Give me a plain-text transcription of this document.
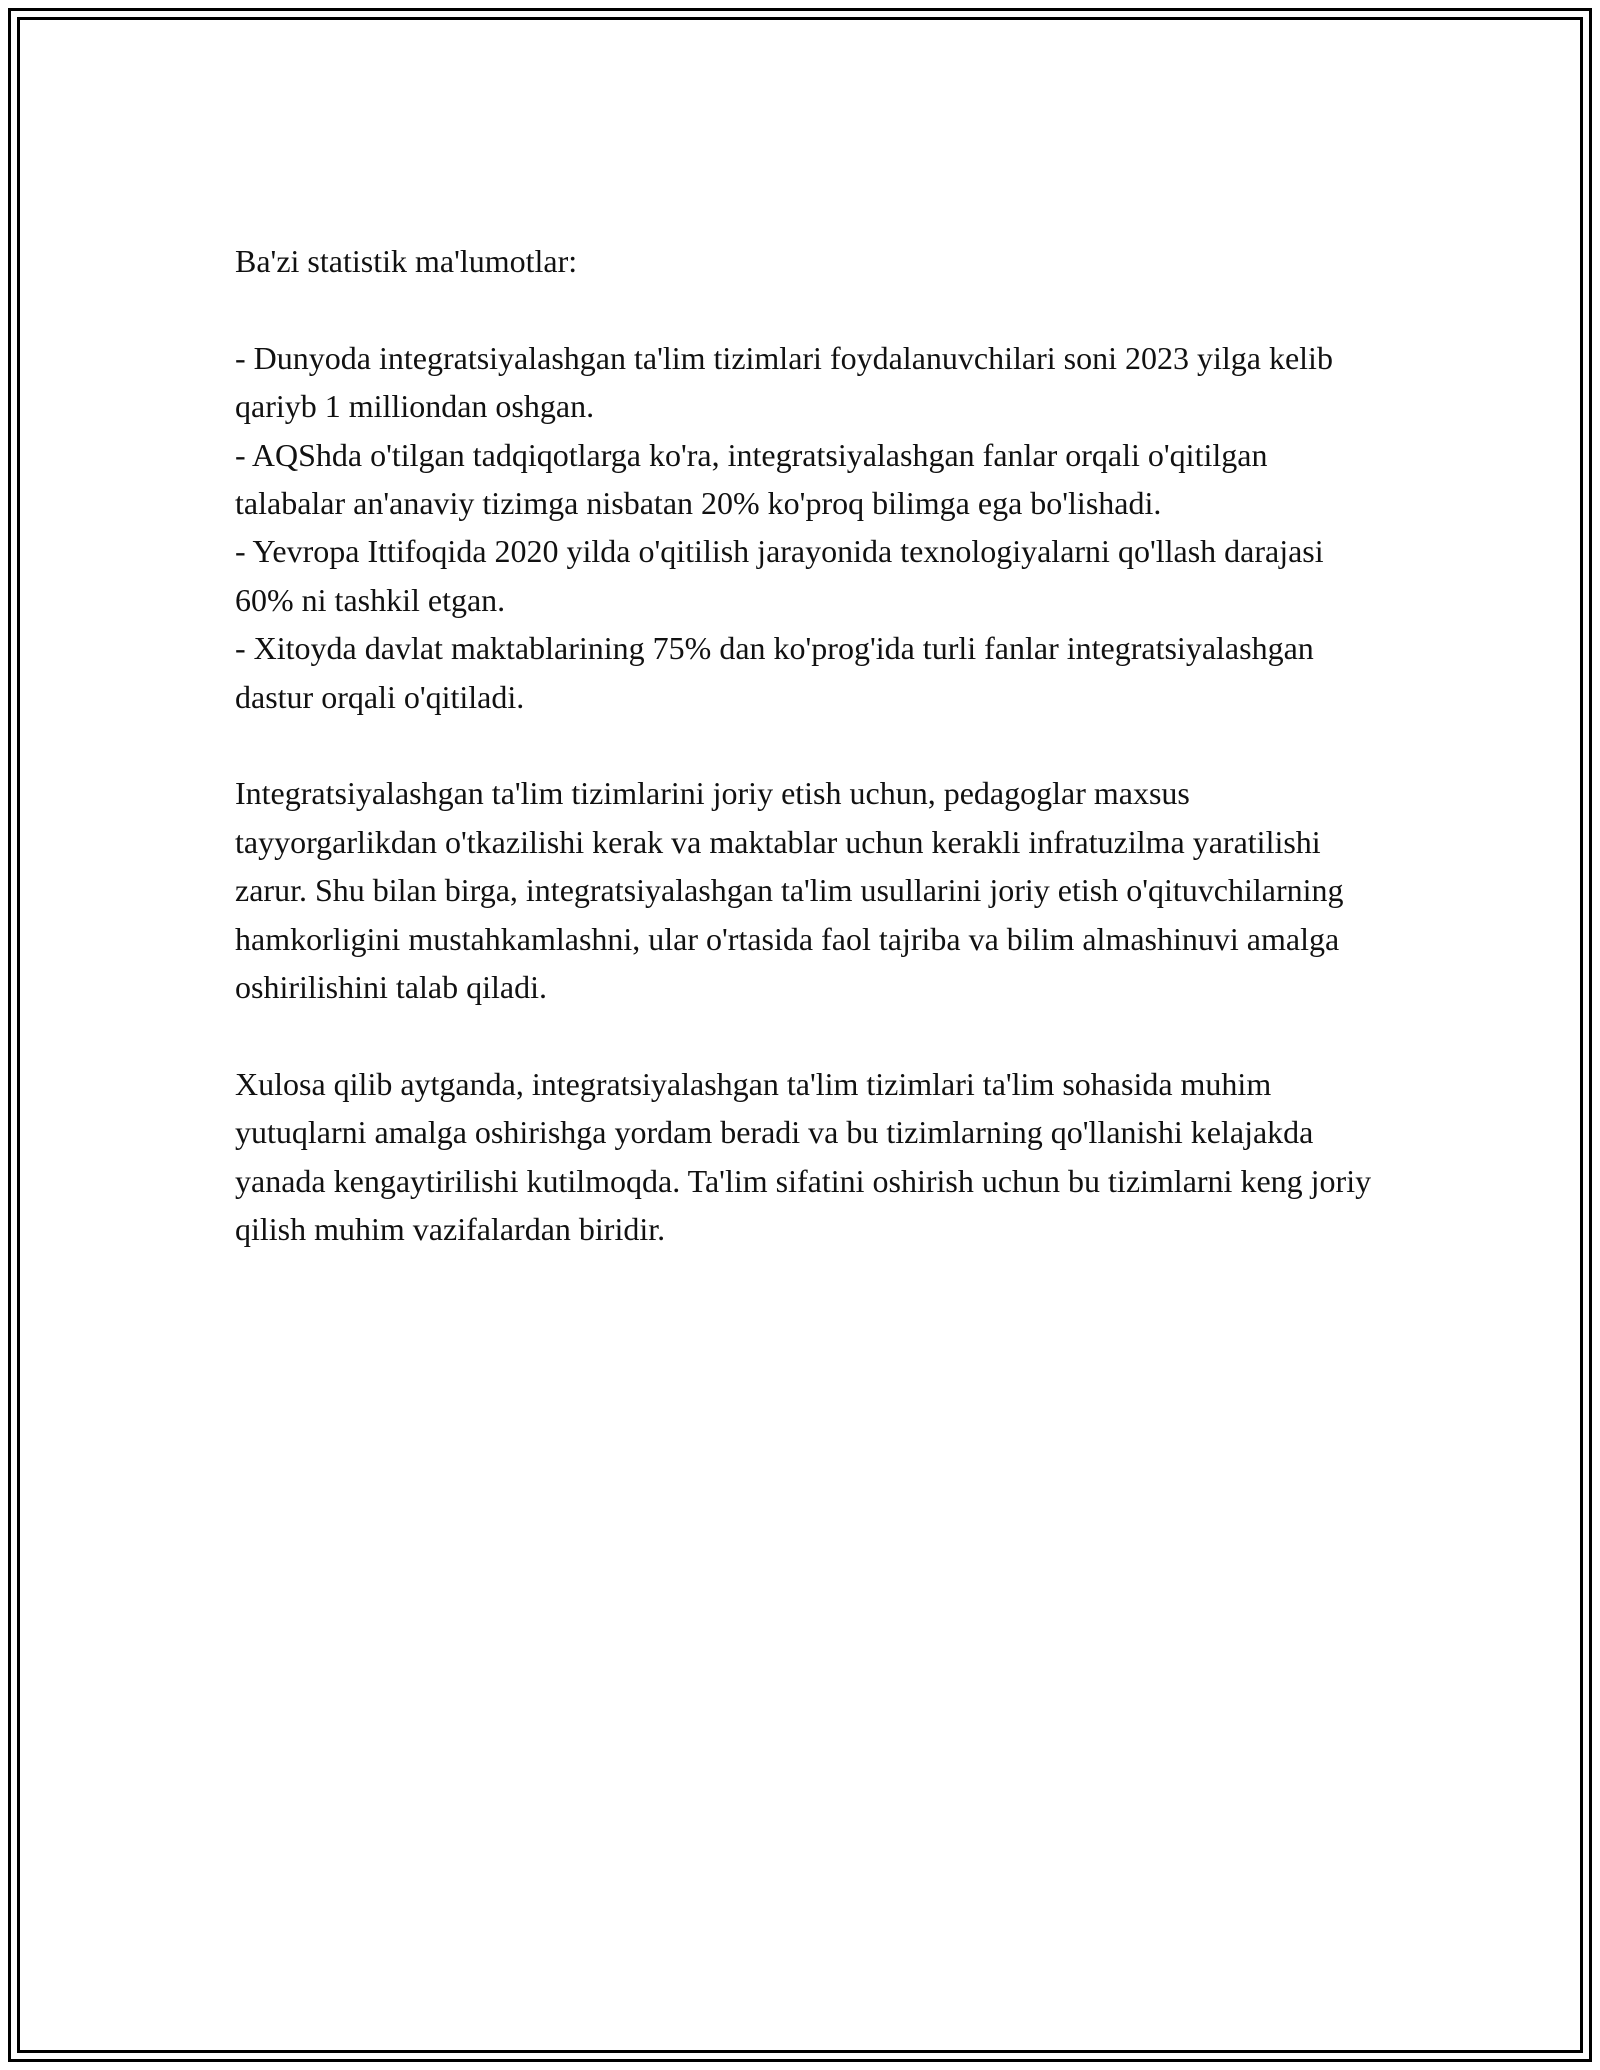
Ba'zi statistik ma'lumotlar:

- Dunyoda integratsiyalashgan ta'lim tizimlari foydalanuvchilari soni 2023 yilga kelib qariyb 1 milliondan oshgan.

- AQShda o'tilgan tadqiqotlarga ko'ra, integratsiyalashgan fanlar orqali o'qitilgan talabalar an'anaviy tizimga nisbatan 20% ko'proq bilimga ega bo'lishadi.

- Yevropa Ittifoqida 2020 yilda o'qitilish jarayonida texnologiyalarni qo'llash darajasi 60% ni tashkil etgan.

- Xitoyda davlat maktablarining 75% dan ko'prog'ida turli fanlar integratsiyalashgan dastur orqali o'qitiladi.

Integratsiyalashgan ta'lim tizimlarini joriy etish uchun, pedagoglar maxsus tayyorgarlikdan o'tkazilishi kerak va maktablar uchun kerakli infratuzilma yaratilishi zarur. Shu bilan birga, integratsiyalashgan ta'lim usullarini joriy etish o'qituvchilarning hamkorligini mustahkamlashni, ular o'rtasida faol tajriba va bilim almashinuvi amalga oshirilishini talab qiladi.

Xulosa qilib aytganda, integratsiyalashgan ta'lim tizimlari ta'lim sohasida muhim yutuqlarni amalga oshirishga yordam beradi va bu tizimlarning qo'llanishi kelajakda yanada kengaytirilishi kutilmoqda. Ta'lim sifatini oshirish uchun bu tizimlarni keng joriy qilish muhim vazifalardan biridir.
